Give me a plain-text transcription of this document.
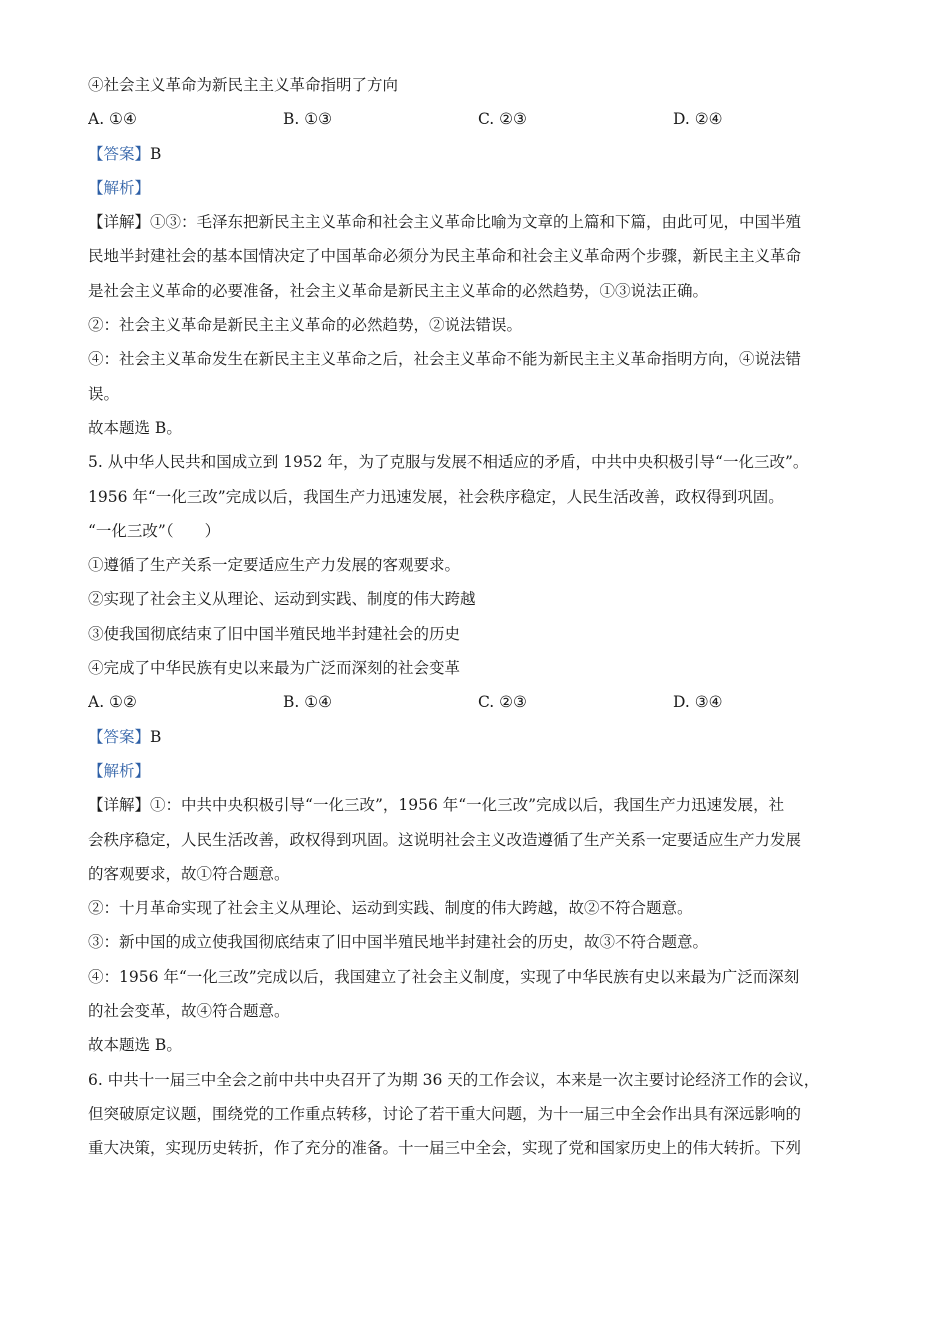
④社会主义革命为新民主主义革命指明了方向
A. ①④	B. ①③	C. ②③	D. ②④
【答案】B
【解析】
【详解】①③：毛泽东把新民主主义革命和社会主义革命比喻为文章的上篇和下篇，由此可见，中国半殖
民地半封建社会的基本国情决定了中国革命必须分为民主革命和社会主义革命两个步骤，新民主主义革命
是社会主义革命的必要准备，社会主义革命是新民主主义革命的必然趋势，①③说法正确。
②：社会主义革命是新民主主义革命的必然趋势，②说法错误。
④：社会主义革命发生在新民主主义革命之后，社会主义革命不能为新民主主义革命指明方向，④说法错
误。
故本题选 B。
5. 从中华人民共和国成立到 1952 年，为了克服与发展不相适应的矛盾，中共中央积极引导“一化三改”。
1956 年“一化三改”完成以后，我国生产力迅速发展，社会秩序稳定，人民生活改善，政权得到巩固。
“一化三改”（　　）
①遵循了生产关系一定要适应生产力发展的客观要求。
②实现了社会主义从理论、运动到实践、制度的伟大跨越
③使我国彻底结束了旧中国半殖民地半封建社会的历史
④完成了中华民族有史以来最为广泛而深刻的社会变革
A. ①②	B. ①④	C. ②③	D. ③④
【答案】B
【解析】
【详解】①：中共中央积极引导“一化三改”，1956 年“一化三改”完成以后，我国生产力迅速发展，社
会秩序稳定，人民生活改善，政权得到巩固。这说明社会主义改造遵循了生产关系一定要适应生产力发展
的客观要求，故①符合题意。
②：十月革命实现了社会主义从理论、运动到实践、制度的伟大跨越，故②不符合题意。
③：新中国的成立使我国彻底结束了旧中国半殖民地半封建社会的历史，故③不符合题意。
④：1956 年“一化三改”完成以后，我国建立了社会主义制度，实现了中华民族有史以来最为广泛而深刻
的社会变革，故④符合题意。
故本题选 B。
6. 中共十一届三中全会之前中共中央召开了为期 36 天的工作会议，本来是一次主要讨论经济工作的会议，
但突破原定议题，围绕党的工作重点转移，讨论了若干重大问题，为十一届三中全会作出具有深远影响的
重大决策，实现历史转折，作了充分的准备。十一届三中全会，实现了党和国家历史上的伟大转折。下列
